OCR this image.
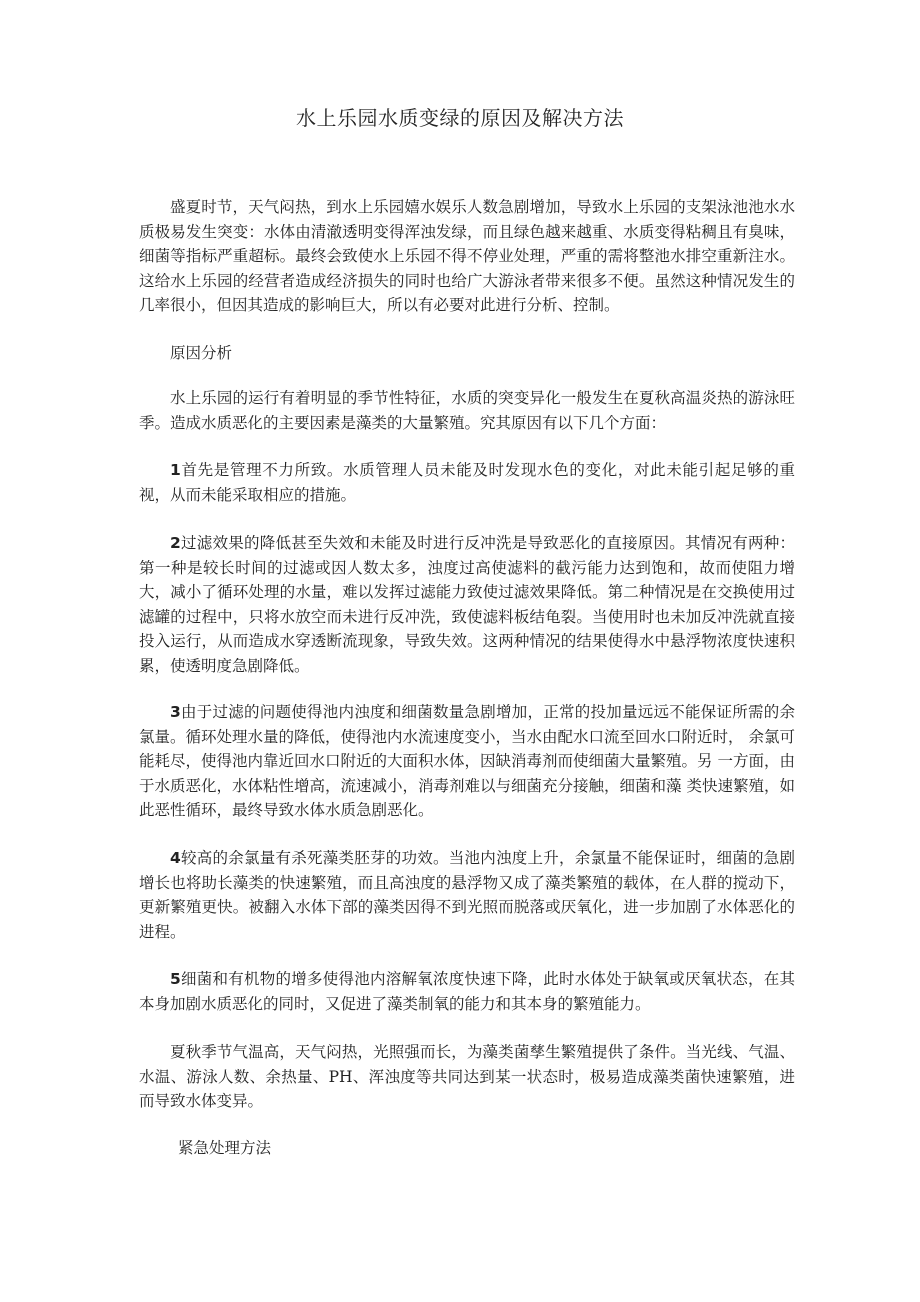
水上乐园水质变绿的原因及解决方法

盛夏时节，天气闷热，到水上乐园嬉水娱乐人数急剧增加，导致水上乐园的支架泳池池水水质极易发生突变：水体由清澈透明变得浑浊发绿，而且绿色越来越重、水质变得粘稠且有臭味，细菌等指标严重超标。最终会致使水上乐园不得不停业处理，严重的需将整池水排空重新注水。这给水上乐园的经营者造成经济损失的同时也给广大游泳者带来很多不便。虽然这种情况发生的几率很小，但因其造成的影响巨大，所以有必要对此进行分析、控制。

原因分析

水上乐园的运行有着明显的季节性特征，水质的突变异化一般发生在夏秋高温炎热的游泳旺季。造成水质恶化的主要因素是藻类的大量繁殖。究其原因有以下几个方面：

1首先是管理不力所致。水质管理人员未能及时发现水色的变化，对此未能引起足够的重视，从而未能采取相应的措施。

2过滤效果的降低甚至失效和未能及时进行反冲洗是导致恶化的直接原因。其情况有两种：第一种是较长时间的过滤或因人数太多，浊度过高使滤料的截污能力达到饱和，故而使阻力增大，减小了循环处理的水量，难以发挥过滤能力致使过滤效果降低。第二种情况是在交换使用过滤罐的过程中，只将水放空而未进行反冲洗，致使滤料板结龟裂。当使用时也未加反冲洗就直接投入运行，从而造成水穿透断流现象，导致失效。这两种情况的结果使得水中悬浮物浓度快速积累，使透明度急剧降低。

3由于过滤的问题使得池内浊度和细菌数量急剧增加，正常的投加量远远不能保证所需的余氯量。循环处理水量的降低，使得池内水流速度变小，当水由配水口流至回水口附近时， 余氯可能耗尽，使得池内靠近回水口附近的大面积水体，因缺消毒剂而使细菌大量繁殖。另 一方面，由于水质恶化，水体粘性增高，流速减小，消毒剂难以与细菌充分接触，细菌和藻 类快速繁殖，如此恶性循环，最终导致水体水质急剧恶化。

4较高的余氯量有杀死藻类胚芽的功效。当池内浊度上升，余氯量不能保证时，细菌的急剧增长也将助长藻类的快速繁殖，而且高浊度的悬浮物又成了藻类繁殖的载体，在人群的搅动下，更新繁殖更快。被翻入水体下部的藻类因得不到光照而脱落或厌氧化，进一步加剧了水体恶化的进程。

5细菌和有机物的增多使得池内溶解氧浓度快速下降，此时水体处于缺氧或厌氧状态，在其本身加剧水质恶化的同时，又促进了藻类制氧的能力和其本身的繁殖能力。

夏秋季节气温高，天气闷热，光照强而长，为藻类菌孳生繁殖提供了条件。当光线、气温、水温、游泳人数、余热量、PH、浑浊度等共同达到某一状态时，极易造成藻类菌快速繁殖，进而导致水体变异。

紧急处理方法
